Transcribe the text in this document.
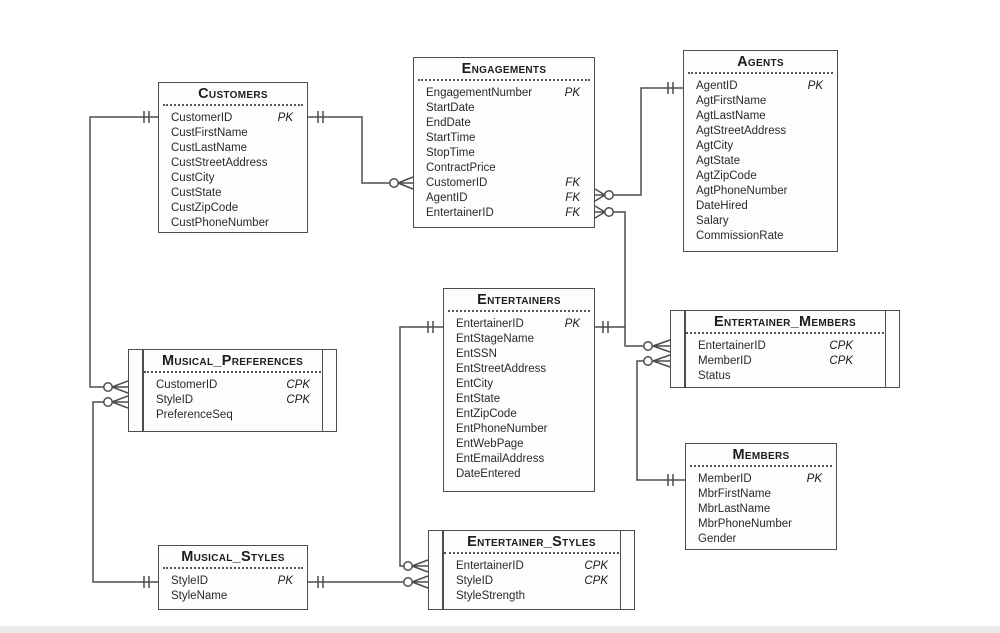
Customers
CustomerID	PK
CustFirstName
CustLastName
CustStreetAddress
CustCity
CustState
CustZipCode
CustPhoneNumber
Engagements
EngagementNumber	PK
StartDate
EndDate
StartTime
StopTime
ContractPrice
CustomerID	FK
AgentID	FK
EntertainerID	FK
Agents
AgentID	PK
AgtFirstName
AgtLastName
AgtStreetAddress
AgtCity
AgtState
AgtZipCode
AgtPhoneNumber
DateHired
Salary
CommissionRate
Entertainers
EntertainerID	PK
EntStageName
EntSSN
EntStreetAddress
EntCity
EntState
EntZipCode
EntPhoneNumber
EntWebPage
EntEmailAddress
DateEntered
Entertainer_Members
EntertainerID	CPK
MemberID	CPK
Status
Members
MemberID	PK
MbrFirstName
MbrLastName
MbrPhoneNumber
Gender
Musical_Preferences
CustomerID	CPK
StyleID	CPK
PreferenceSeq
Musical_Styles
StyleID	PK
StyleName
Entertainer_Styles
EntertainerID	CPK
StyleID	CPK
StyleStrength
